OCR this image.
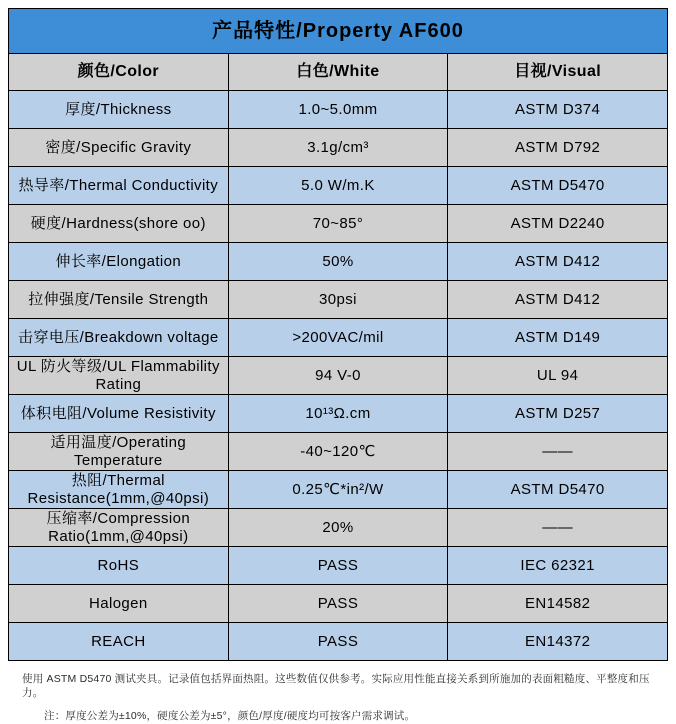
产品特性/Property AF600		
颜色/Color	白色/White	目视/Visual
厚度/Thickness	1.0~5.0mm	ASTM D374
密度/Specific Gravity	3.1g/cm³	ASTM D792
热导率/Thermal Conductivity	5.0 W/m.K	ASTM D5470
硬度/Hardness(shore oo)	70~85°	ASTM D2240
伸长率/Elongation	50%	ASTM D412
拉伸强度/Tensile Strength	30psi	ASTM D412
击穿电压/Breakdown voltage	>200VAC/mil	ASTM D149
UL 防火等级/UL Flammability Rating	94 V-0	UL 94
体积电阻/Volume Resistivity	10¹³Ω.cm	ASTM D257
适用温度/Operating Temperature	-40~120℃	——
热阻/Thermal Resistance(1mm,@40psi)	0.25℃*in²/W	ASTM D5470
压缩率/Compression Ratio(1mm,@40psi)	20%	——
RoHS	PASS	IEC 62321
Halogen	PASS	EN14582
REACH	PASS	EN14372

使用 ASTM D5470 测试夹具。记录值包括界面热阻。这些数值仅供参考。实际应用性能直接关系到所施加的表面粗糙度、平整度和压力。

注：厚度公差为±10%，硬度公差为±5°，颜色/厚度/硬度均可按客户需求调试。
